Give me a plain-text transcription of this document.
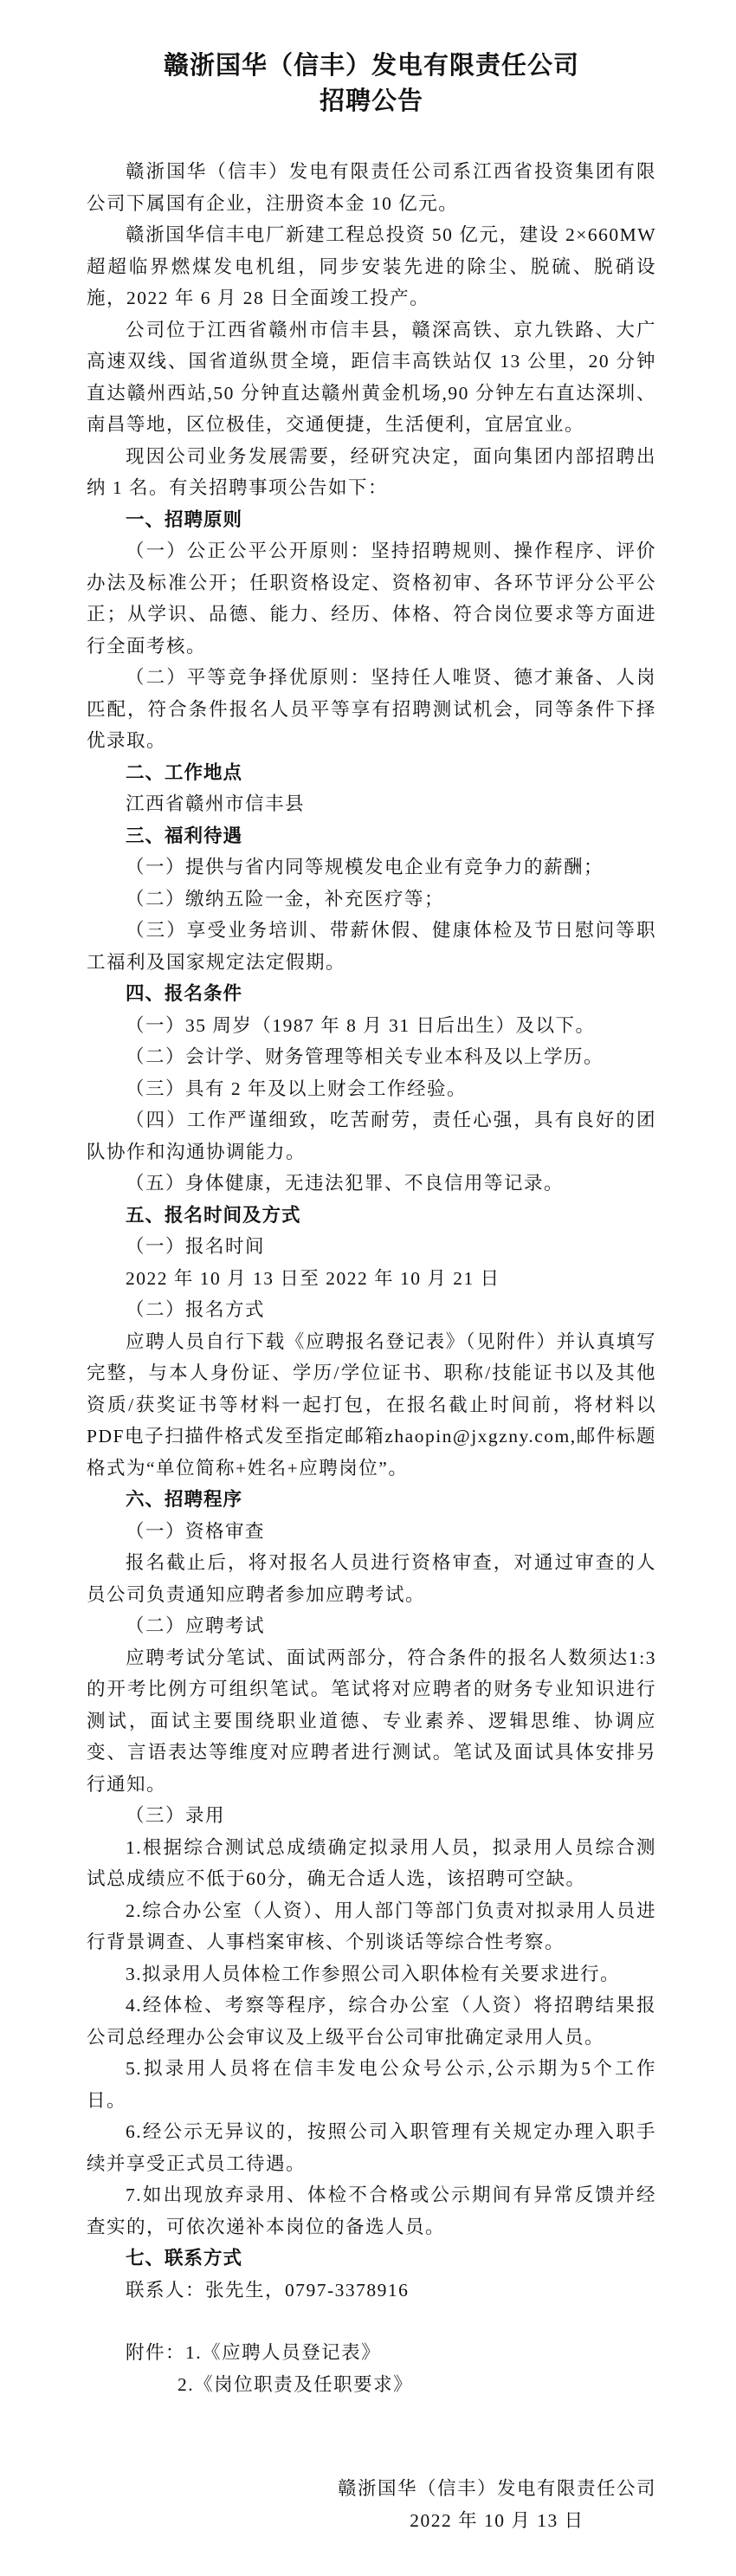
赣浙国华（信丰）发电有限责任公司
招聘公告

赣浙国华（信丰）发电有限责任公司系江西省投资集团有限公司下属国有企业，注册资本金 10 亿元。

赣浙国华信丰电厂新建工程总投资 50 亿元，建设 2×660MW 超超临界燃煤发电机组，同步安装先进的除尘、脱硫、脱硝设施，2022 年 6 月 28 日全面竣工投产。

公司位于江西省赣州市信丰县，赣深高铁、京九铁路、大广高速双线、国省道纵贯全境，距信丰高铁站仅 13 公里，20 分钟直达赣州西站,50 分钟直达赣州黄金机场,90 分钟左右直达深圳、南昌等地，区位极佳，交通便捷，生活便利，宜居宜业。

现因公司业务发展需要，经研究决定，面向集团内部招聘出纳 1 名。有关招聘事项公告如下：

一、招聘原则

（一）公正公平公开原则：坚持招聘规则、操作程序、评价办法及标准公开；任职资格设定、资格初审、各环节评分公平公正；从学识、品德、能力、经历、体格、符合岗位要求等方面进行全面考核。

（二）平等竞争择优原则：坚持任人唯贤、德才兼备、人岗匹配，符合条件报名人员平等享有招聘测试机会，同等条件下择优录取。

二、工作地点

江西省赣州市信丰县

三、福利待遇

（一）提供与省内同等规模发电企业有竞争力的薪酬；

（二）缴纳五险一金，补充医疗等；

（三）享受业务培训、带薪休假、健康体检及节日慰问等职工福利及国家规定法定假期。

四、报名条件

（一）35 周岁（1987 年 8 月 31 日后出生）及以下。

（二）会计学、财务管理等相关专业本科及以上学历。

（三）具有 2 年及以上财会工作经验。

（四）工作严谨细致，吃苦耐劳，责任心强，具有良好的团队协作和沟通协调能力。

（五）身体健康，无违法犯罪、不良信用等记录。

五、报名时间及方式

（一）报名时间

2022 年 10 月 13 日至 2022 年 10 月 21 日

（二）报名方式

应聘人员自行下载《应聘报名登记表》（见附件）并认真填写完整，与本人身份证、学历/学位证书、职称/技能证书以及其他资质/获奖证书等材料一起打包，在报名截止时间前，将材料以PDF电子扫描件格式发至指定邮箱zhaopin@jxgzny.com,邮件标题格式为“单位简称+姓名+应聘岗位”。

六、招聘程序

（一）资格审查

报名截止后，将对报名人员进行资格审查，对通过审查的人员公司负责通知应聘者参加应聘考试。

（二）应聘考试

应聘考试分笔试、面试两部分，符合条件的报名人数须达1:3的开考比例方可组织笔试。笔试将对应聘者的财务专业知识进行测试，面试主要围绕职业道德、专业素养、逻辑思维、协调应变、言语表达等维度对应聘者进行测试。笔试及面试具体安排另行通知。

（三）录用

1.根据综合测试总成绩确定拟录用人员，拟录用人员综合测试总成绩应不低于60分，确无合适人选，该招聘可空缺。

2.综合办公室（人资）、用人部门等部门负责对拟录用人员进行背景调查、人事档案审核、个别谈话等综合性考察。

3.拟录用人员体检工作参照公司入职体检有关要求进行。

4.经体检、考察等程序，综合办公室（人资）将招聘结果报公司总经理办公会审议及上级平台公司审批确定录用人员。

5.拟录用人员将在信丰发电公众号公示,公示期为5个工作日。

6.经公示无异议的，按照公司入职管理有关规定办理入职手续并享受正式员工待遇。

7.如出现放弃录用、体检不合格或公示期间有异常反馈并经查实的，可依次递补本岗位的备选人员。

七、联系方式

联系人：张先生，0797-3378916

附件：1.《应聘人员登记表》

2.《岗位职责及任职要求》

赣浙国华（信丰）发电有限责任公司
2022 年 10 月 13 日
